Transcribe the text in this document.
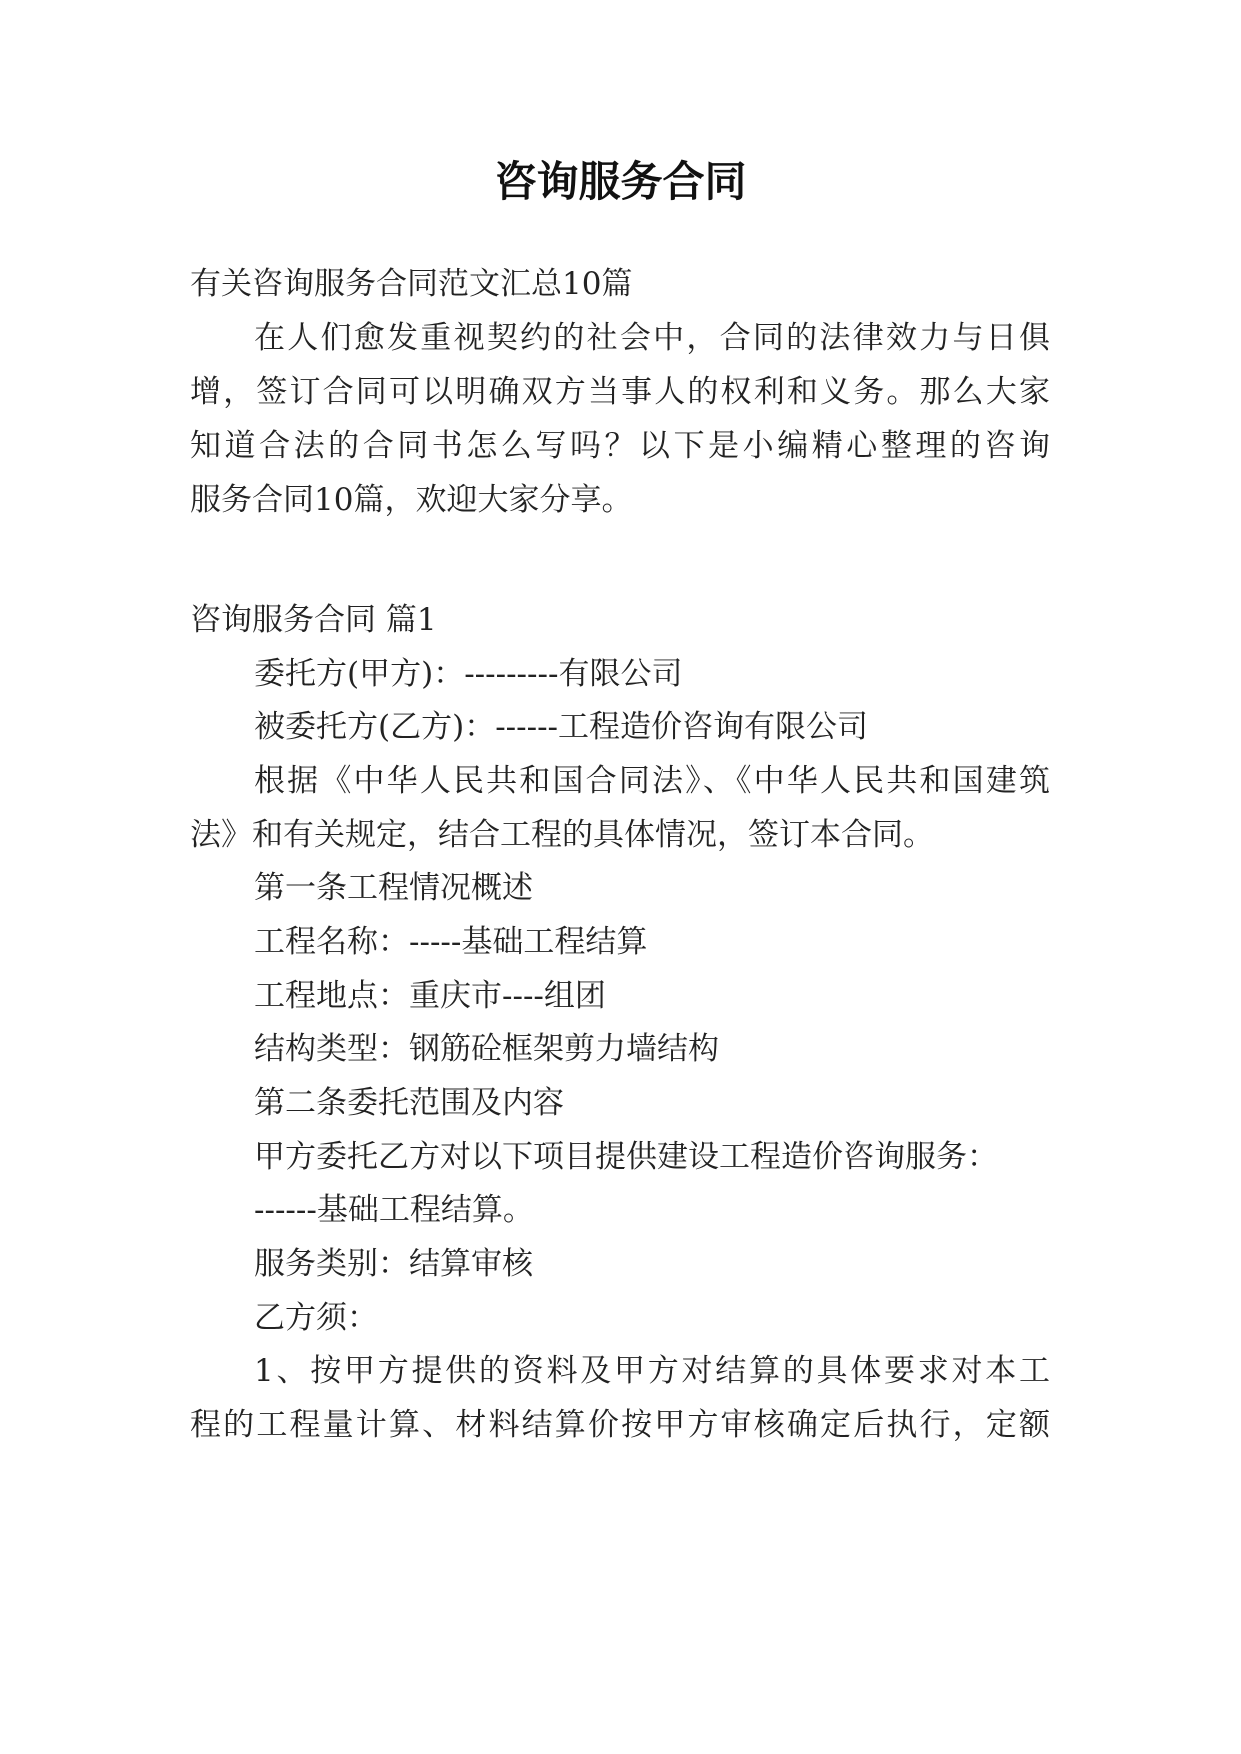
咨询服务合同
有关咨询服务合同范文汇总10篇
在人们愈发重视契约的社会中，合同的法律效力与日俱
增，签订合同可以明确双方当事人的权利和义务。那么大家
知道合法的合同书怎么写吗？以下是小编精心整理的咨询
服务合同10篇，欢迎大家分享。
咨询服务合同 篇1
委托方(甲方)：---------有限公司
被委托方(乙方)：------工程造价咨询有限公司
根据《中华人民共和国合同法》、《中华人民共和国建筑
法》和有关规定，结合工程的具体情况，签订本合同。
第一条工程情况概述
工程名称：-----基础工程结算
工程地点：重庆市----组团
结构类型：钢筋砼框架剪力墙结构
第二条委托范围及内容
甲方委托乙方对以下项目提供建设工程造价咨询服务：
------基础工程结算。
服务类别：结算审核
乙方须：
1、按甲方提供的资料及甲方对结算的具体要求对本工
程的工程量计算、材料结算价按甲方审核确定后执行，定额
